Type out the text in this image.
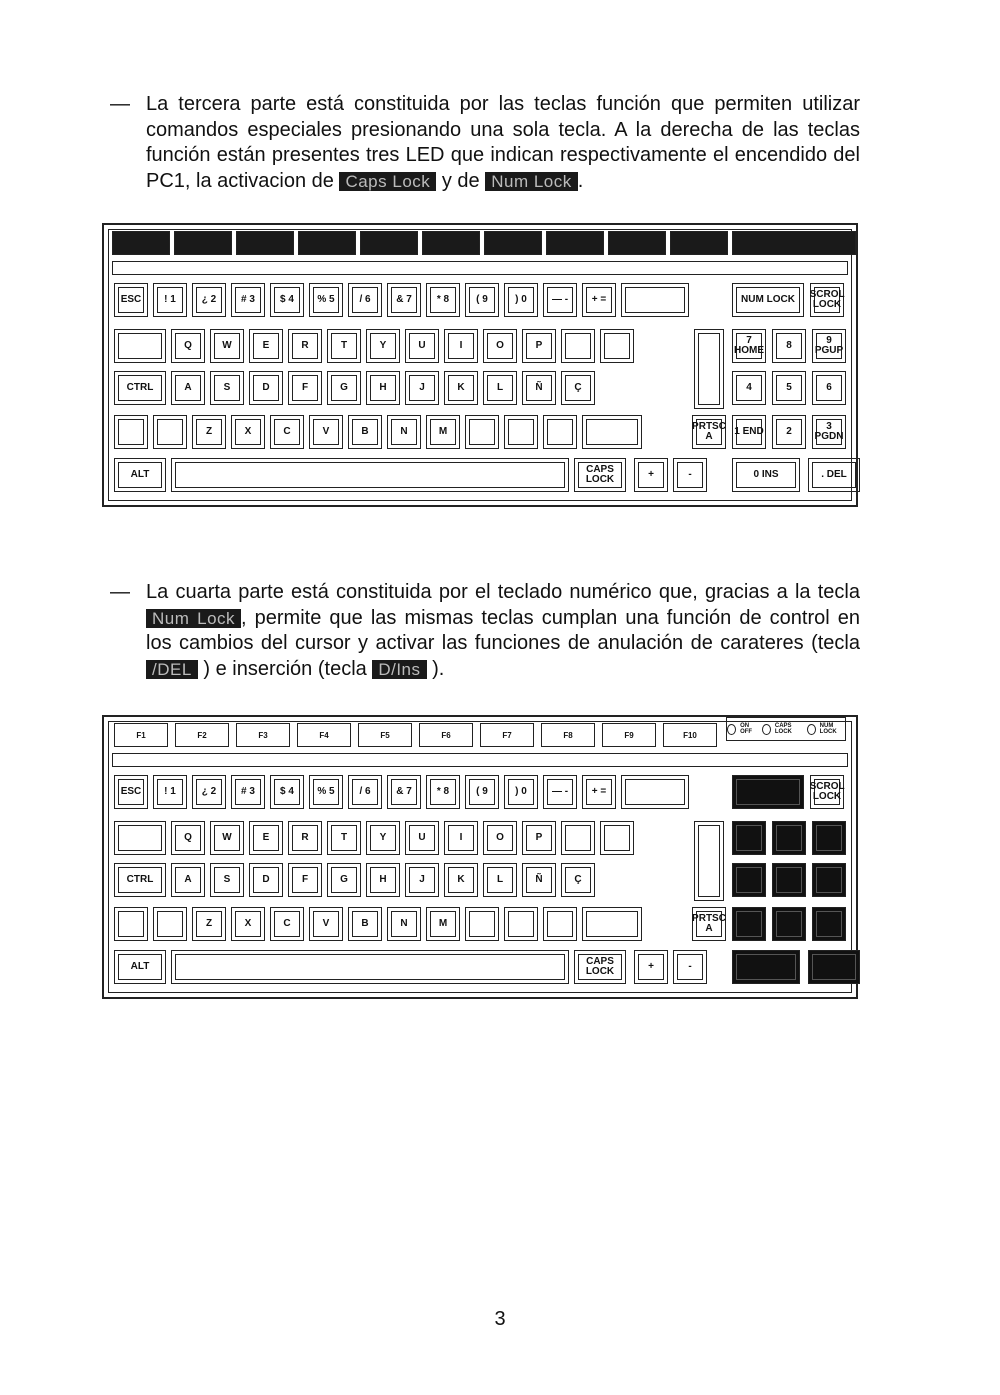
— La tercera parte está constituida por las teclas función que permiten utilizar comandos especiales presionando una sola tecla. A la derecha de las teclas función están presentes tres LED que indican respectivamente el encendido del PC1, la activacion de Caps Lock y de Num Lock .
ESC ! 1	¿ 2 # 3	$ 4 % 5 / 6	& 7	* 8	( 9	) 0	— - + =
Q	W	E	R	T	Y	U	I	O	P
CTRL	A	S	D	F	G	H	J	K	L	Ñ	Ç
Z	X	C	V	B	N	M	PRTSC A
ALT	CAPS LOCK	+	-
NUM LOCK SCROL LOCK
7 HOME 8	9 PGUP
4	5	6
1 END 2	3 PGDN
0 INS	. DEL
— La cuarta parte está constituida por el teclado numérico que, gracias a la tecla Num Lock , permite que las mismas teclas cumplan una función de control en los cambios del cursor y activar las funciones de anulación de carateres (tecla /DEL ) e inserción (tecla D/Ins ).
F1	F2	F3	F4	F5	F6	F7	F8	F9	F10
ON OFF
CAPS LOCK
NUM LOCK
ESC ! 1	¿ 2 # 3	$ 4 % 5 / 6	& 7	* 8	( 9	) 0	— - + =
Q	W	E	R	T	Y	U	I	O	P
CTRL	A	S	D	F	G	H	J	K	L	Ñ	Ç
Z	X	C	V	B	N	M	PRTSC A
ALT	CAPS LOCK	+	-
SCROL LOCK
3
